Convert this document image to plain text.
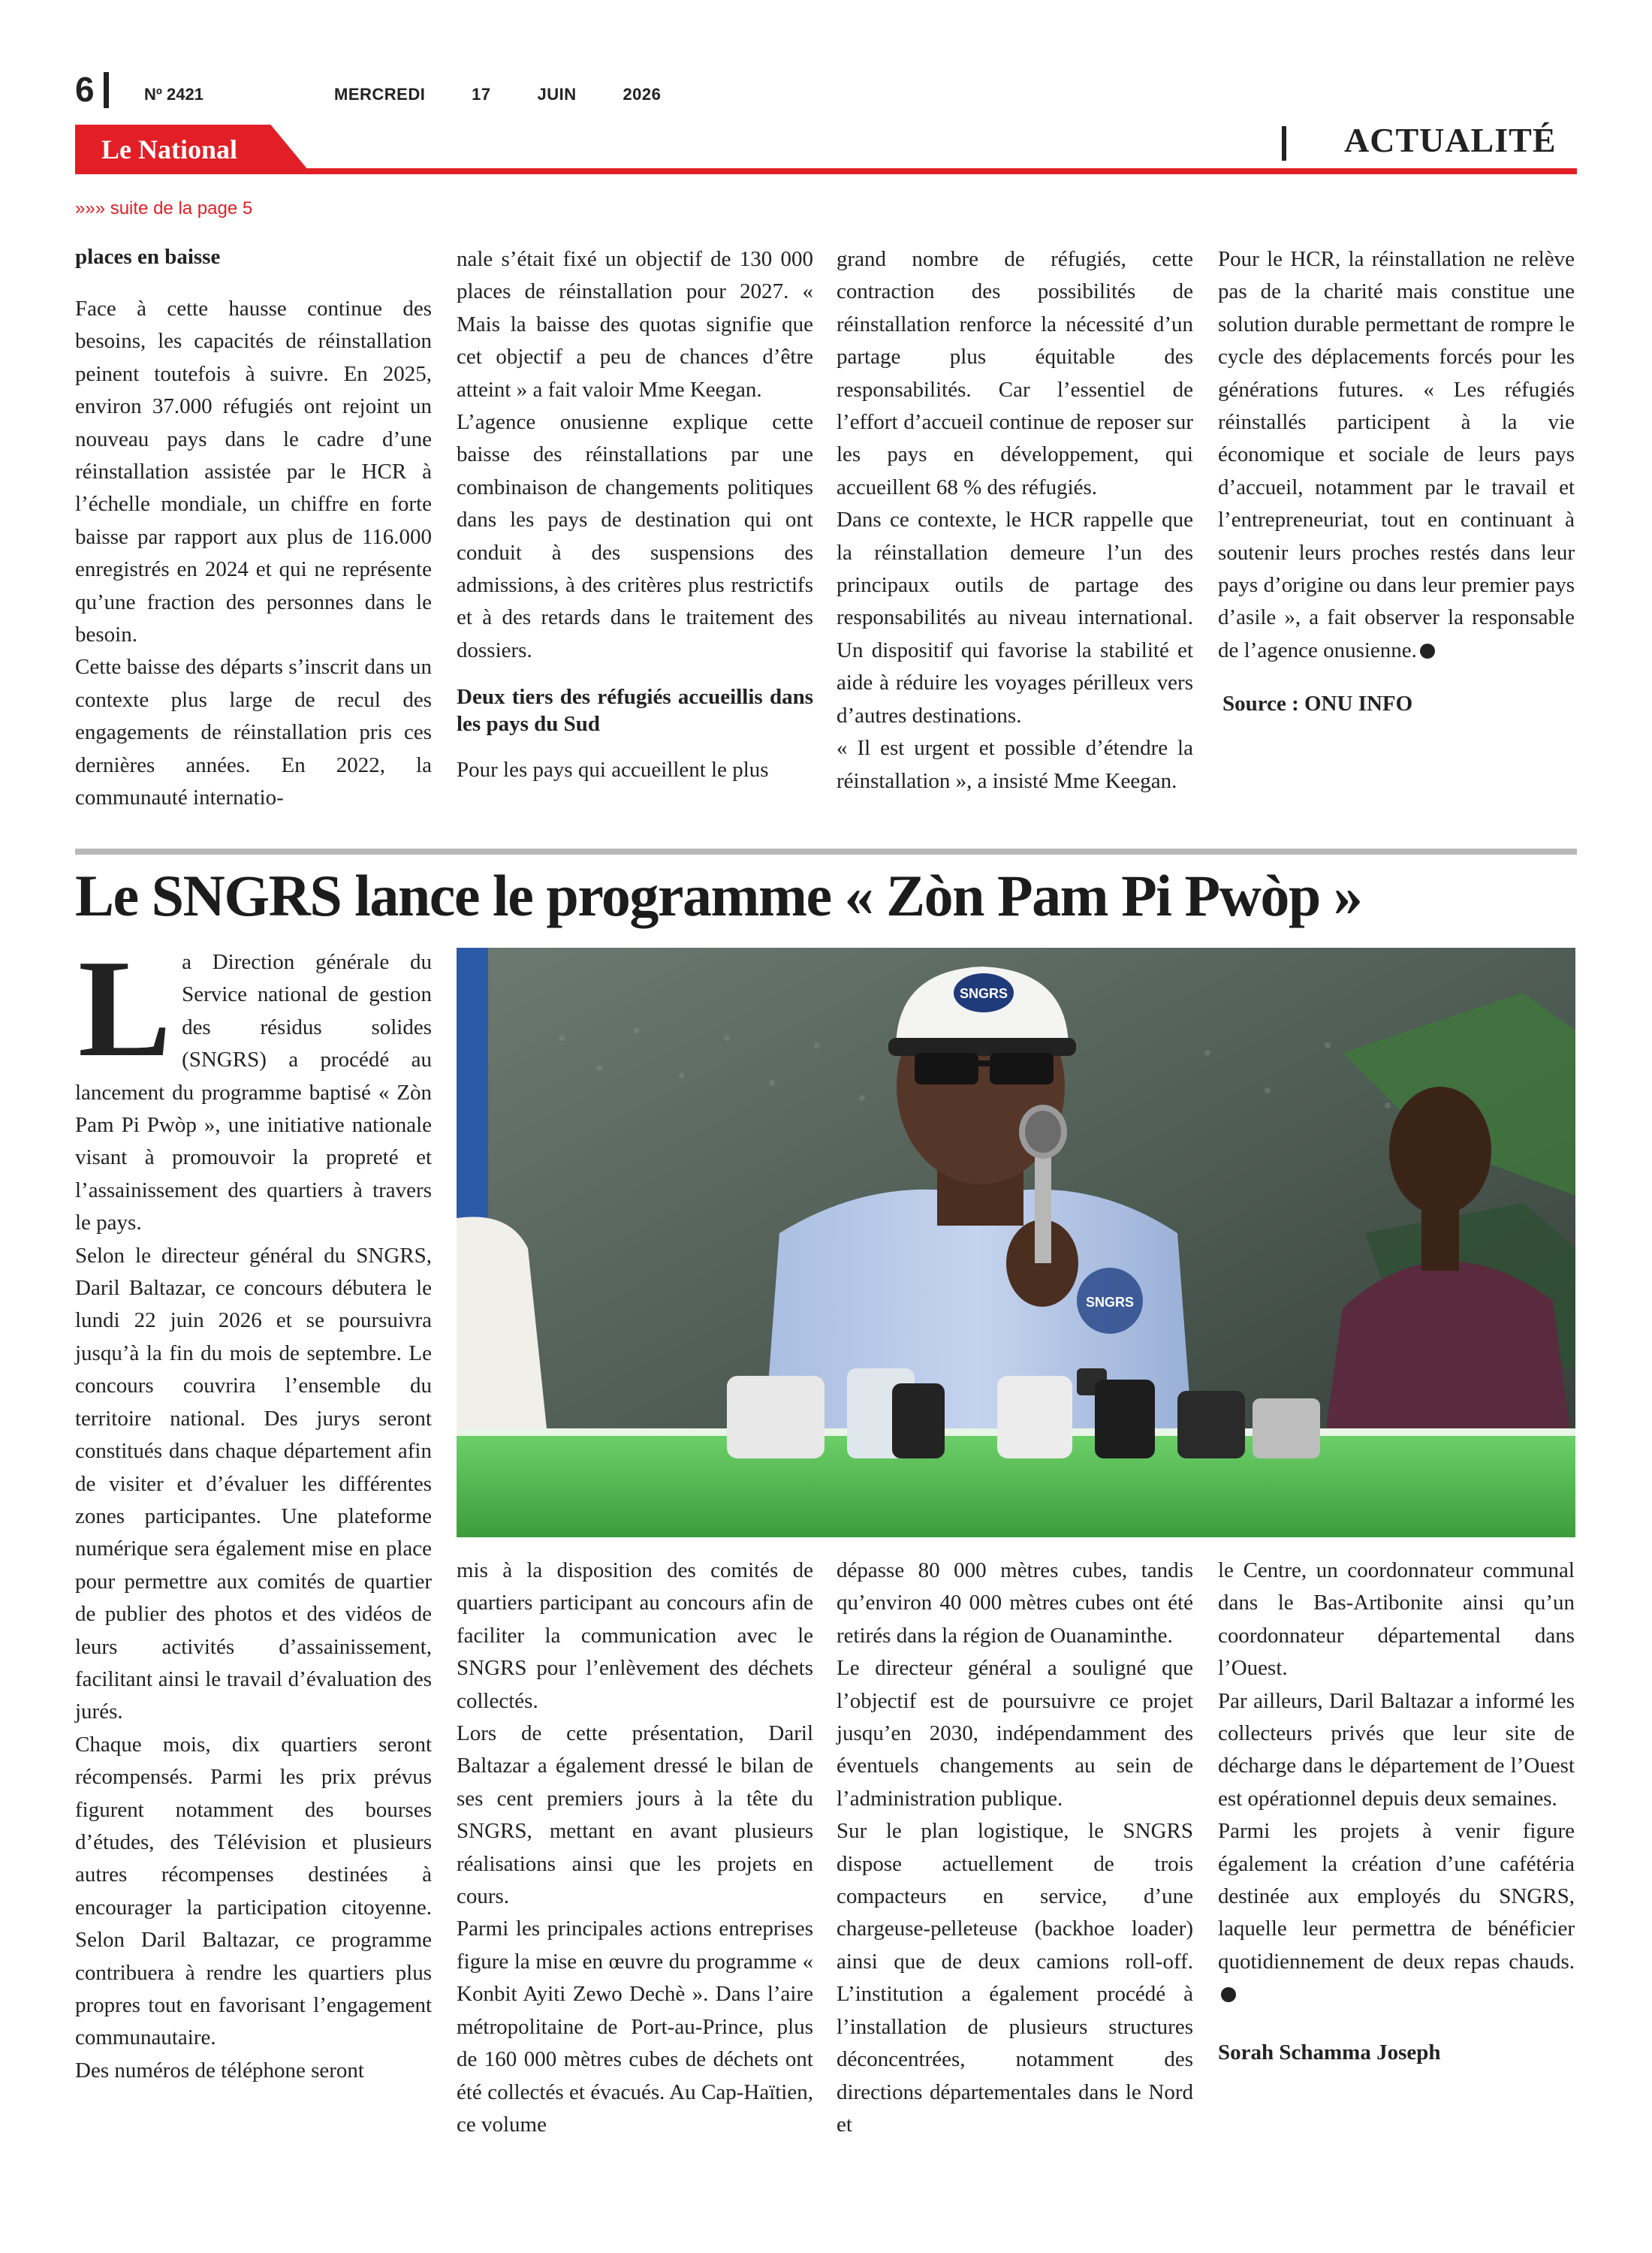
6	Nº 2421	MERCREDI   17   JUIN   2026
Le National	ACTUALITÉ
»»» suite de la page 5

places en baisse

Face à cette hausse continue des besoins, les capacités de réinstallation peinent toutefois à suivre. En 2025, environ 37.000 réfugiés ont rejoint un nouveau pays dans le cadre d’une réinstallation assistée par le HCR à l’échelle mondiale, un chiffre en forte baisse par rapport aux plus de 116.000 enregistrés en 2024 et qui ne représente qu’une fraction des personnes dans le besoin.

Cette baisse des départs s’inscrit dans un contexte plus large de recul des engagements de réinstallation pris ces dernières années. En 2022, la communauté internatio-

nale s’était fixé un objectif de 130 000 places de réinstallation pour 2027. « Mais la baisse des quotas signifie que cet objectif a peu de chances d’être atteint » a fait valoir Mme Keegan.

L’agence onusienne explique cette baisse des réinstallations par une combinaison de changements politiques dans les pays de destination qui ont conduit à des suspensions des admissions, à des critères plus restrictifs et à des retards dans le traitement des dossiers.

Deux tiers des réfugiés accueillis dans les pays du Sud

Pour les pays qui accueillent le plus

grand nombre de réfugiés, cette contraction des possibilités de réinstallation renforce la nécessité d’un partage plus équitable des responsabilités. Car l’essentiel de l’effort d’accueil continue de reposer sur les pays en développement, qui accueillent 68 % des réfugiés.

Dans ce contexte, le HCR rappelle que la réinstallation demeure l’un des principaux outils de partage des responsabilités au niveau international. Un dispositif qui favorise la stabilité et aide à réduire les voyages périlleux vers d’autres destinations.

« Il est urgent et possible d’étendre la réinstallation », a insisté Mme Keegan.

Pour le HCR, la réinstallation ne relève pas de la charité mais constitue une solution durable permettant de rompre le cycle des déplacements forcés pour les générations futures. « Les réfugiés réinstallés participent à la vie économique et sociale de leurs pays d’accueil, notamment par le travail et l’entrepreneuriat, tout en continuant à soutenir leurs proches restés dans leur pays d’origine ou dans leur premier pays d’asile », a fait observer la responsable de l’agence onusienne.

Source : ONU INFO

Le SNGRS lance le programme « Zòn Pam Pi Pwòp »
SNGRS
SNGRS

La Direction générale du Service national de gestion des résidus solides (SNGRS) a procédé au lancement du programme baptisé « Zòn Pam Pi Pwòp », une initiative nationale visant à promouvoir la propreté et l’assainissement des quartiers à travers le pays.

Selon le directeur général du SNGRS, Daril Baltazar, ce concours débutera le lundi 22 juin 2026 et se poursuivra jusqu’à la fin du mois de septembre. Le concours couvrira l’ensemble du territoire national. Des jurys seront constitués dans chaque département afin de visiter et d’évaluer les différentes zones participantes. Une plateforme numérique sera également mise en place pour permettre aux comités de quartier de publier des photos et des vidéos de leurs activités d’assainissement, facilitant ainsi le travail d’évaluation des jurés.

Chaque mois, dix quartiers seront récompensés. Parmi les prix prévus figurent notamment des bourses d’études, des Télévision et plusieurs autres récompenses destinées à encourager la participation citoyenne. Selon Daril Baltazar, ce programme contribuera à rendre les quartiers plus propres tout en favorisant l’engagement communautaire.

Des numéros de téléphone seront

mis à la disposition des comités de quartiers participant au concours afin de faciliter la communication avec le SNGRS pour l’enlèvement des déchets collectés.

Lors de cette présentation, Daril Baltazar a également dressé le bilan de ses cent premiers jours à la tête du SNGRS, mettant en avant plusieurs réalisations ainsi que les projets en cours.

Parmi les principales actions entreprises figure la mise en œuvre du programme « Konbit Ayiti Zewo Dechè ». Dans l’aire métropolitaine de Port-au-Prince, plus de 160 000 mètres cubes de déchets ont été collectés et évacués. Au Cap-Haïtien, ce volume

dépasse 80 000 mètres cubes, tandis qu’environ 40 000 mètres cubes ont été retirés dans la région de Ouanaminthe.

Le directeur général a souligné que l’objectif est de poursuivre ce projet jusqu’en 2030, indépendamment des éventuels changements au sein de l’administration publique.

Sur le plan logistique, le SNGRS dispose actuellement de trois compacteurs en service, d’une chargeuse-pelleteuse (backhoe loader) ainsi que de deux camions roll-off. L’institution a également procédé à l’installation de plusieurs structures déconcentrées, notamment des directions départementales dans le Nord et

le Centre, un coordonnateur communal dans le Bas-Artibonite ainsi qu’un coordonnateur départemental dans l’Ouest.

Par ailleurs, Daril Baltazar a informé les collecteurs privés que leur site de décharge dans le département de l’Ouest est opérationnel depuis deux semaines.

Parmi les projets à venir figure également la création d’une cafétéria destinée aux employés du SNGRS, laquelle leur permettra de bénéficier quotidiennement de deux repas chauds.

Sorah Schamma Joseph
